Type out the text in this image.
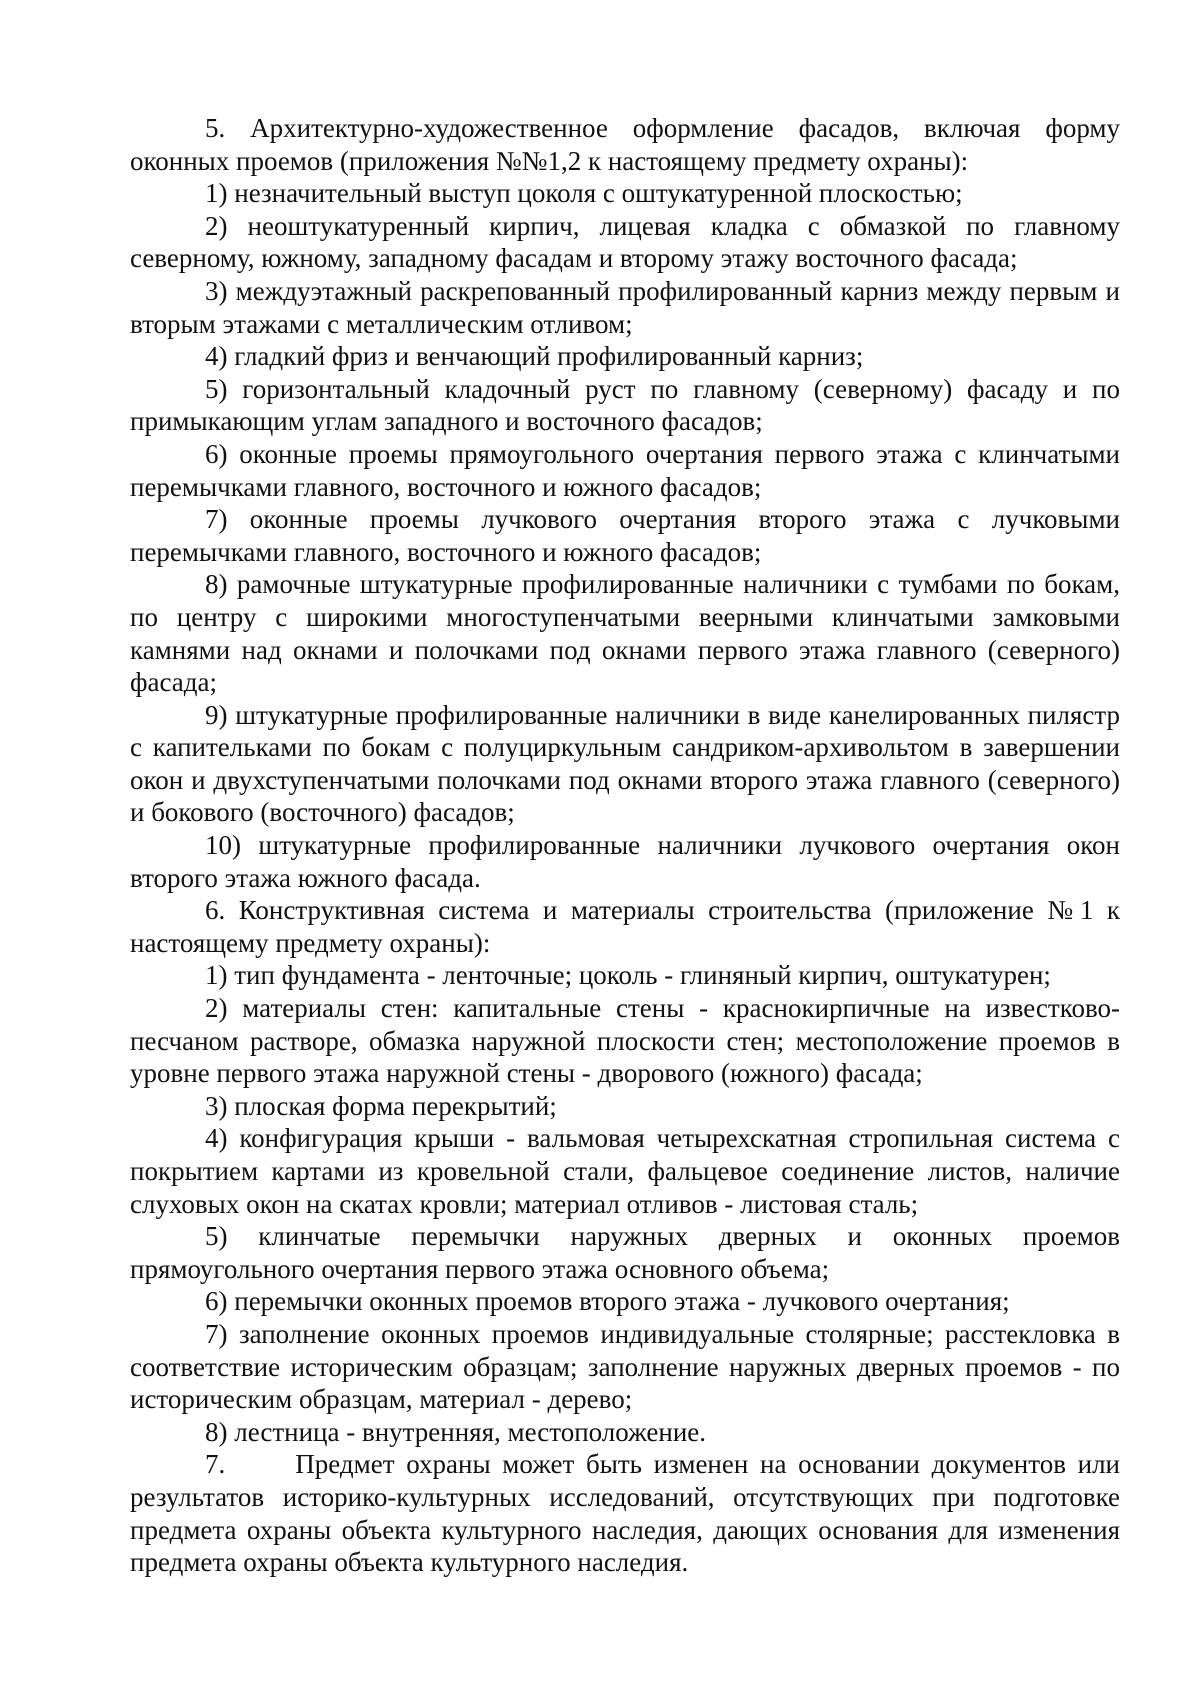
5. Архитектурно-художественное оформление фасадов, включая форму оконных проемов (приложения №№1,2 к настоящему предмету охраны):

1) незначительный выступ цоколя с оштукатуренной плоскостью;

2) неоштукатуренный кирпич, лицевая кладка с обмазкой по главному северному, южному, западному фасадам и второму этажу восточного фасада;

3) междуэтажный раскрепованный профилированный карниз между первым и вторым этажами с металлическим отливом;

4) гладкий фриз и венчающий профилированный карниз;

5) горизонтальный кладочный руст по главному (северному) фасаду и по примыкающим углам западного и восточного фасадов;

6) оконные проемы прямоугольного очертания первого этажа с клинчатыми перемычками главного, восточного и южного фасадов;

7) оконные проемы лучкового очертания второго этажа с лучковыми перемычками главного, восточного и южного фасадов;

8) рамочные штукатурные профилированные наличники с тумбами по бокам, по центру с широкими многоступенчатыми веерными клинчатыми замковыми камнями над окнами и полочками под окнами первого этажа главного (северного) фасада;

9) штукатурные профилированные наличники в виде канелированных пилястр с капительками по бокам с полуциркульным сандриком-архивольтом в завершении окон и двухступенчатыми полочками под окнами второго этажа главного (северного) и бокового (восточного) фасадов;

10) штукатурные профилированные наличники лучкового очертания окон второго этажа южного фасада.

6. Конструктивная система и материалы строительства (приложение №1 к настоящему предмету охраны):

1) тип фундамента - ленточные; цоколь - глиняный кирпич, оштукатурен;

2) материалы стен: капитальные стены - краснокирпичные на известково-песчаном растворе, обмазка наружной плоскости стен; местоположение проемов в уровне первого этажа наружной стены - дворового (южного) фасада;

3) плоская форма перекрытий;

4) конфигурация крыши - вальмовая четырехскатная стропильная система с покрытием картами из кровельной стали, фальцевое соединение листов, наличие слуховых окон на скатах кровли; материал отливов - листовая сталь;

5) клинчатые перемычки наружных дверных и оконных проемов прямоугольного очертания первого этажа основного объема;

6) перемычки оконных проемов второго этажа - лучкового очертания;

7) заполнение оконных проемов индивидуальные столярные; расстекловка в соответствие историческим образцам; заполнение наружных дверных проемов - по историческим образцам, материал - дерево;

8) лестница - внутренняя, местоположение.

7.      Предмет охраны может быть изменен на основании документов или результатов историко-культурных исследований, отсутствующих при подготовке предмета охраны объекта культурного наследия, дающих основания для изменения предмета охраны объекта культурного наследия.
